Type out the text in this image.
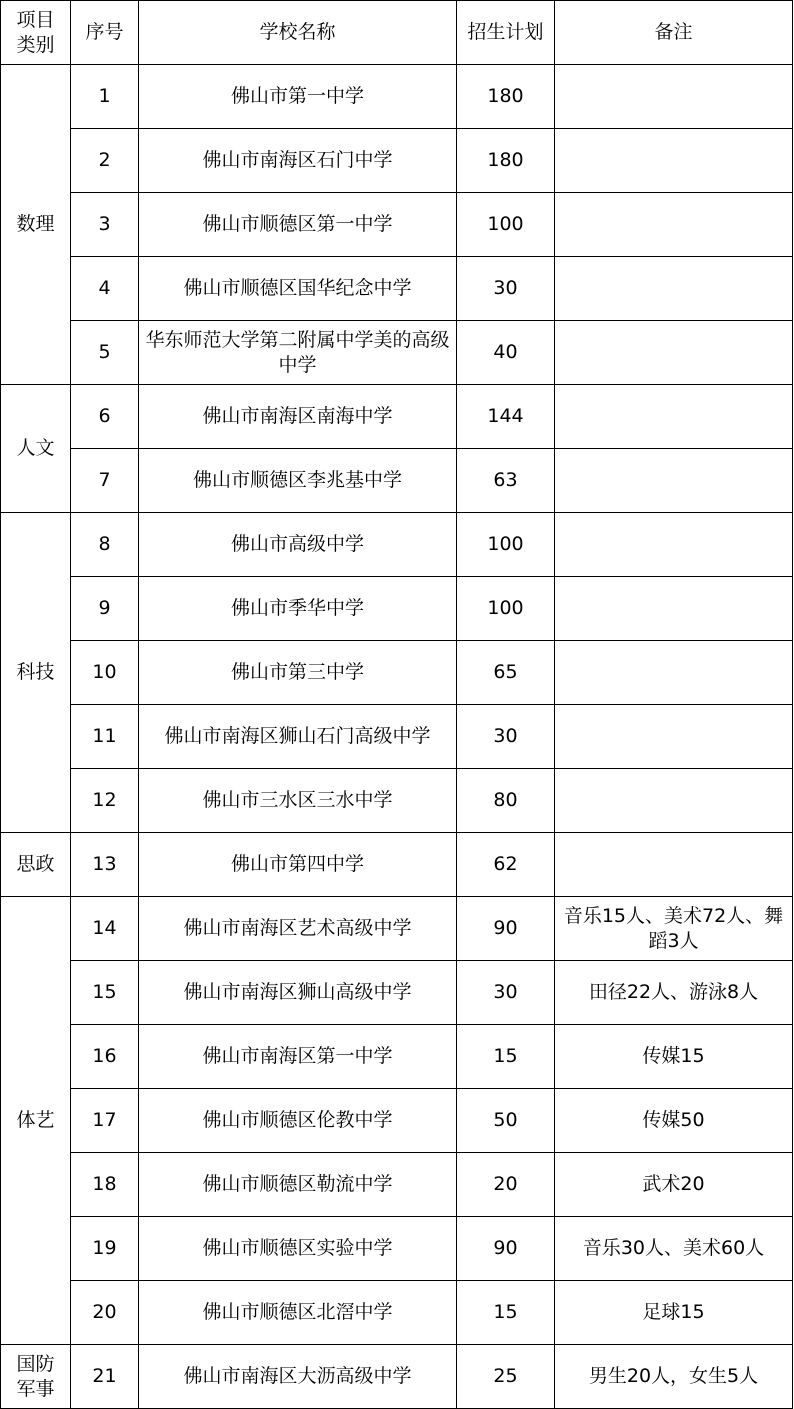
项目类别	序号	学校名称	招生计划	备注
数理	1	佛山市第一中学	180	
	2	佛山市南海区石门中学	180	
	3	佛山市顺德区第一中学	100	
	4	佛山市顺德区国华纪念中学	30	
	5	华东师范大学第二附属中学美的高级中学	40	
人文	6	佛山市南海区南海中学	144	
	7	佛山市顺德区李兆基中学	63	
科技	8	佛山市高级中学	100	
	9	佛山市季华中学	100	
	10	佛山市第三中学	65	
	11	佛山市南海区狮山石门高级中学	30	
	12	佛山市三水区三水中学	80	
思政	13	佛山市第四中学	62	
体艺	14	佛山市南海区艺术高级中学	90	音乐15人、美术72人、舞蹈3人
	15	佛山市南海区狮山高级中学	30	田径22人、游泳8人
	16	佛山市南海区第一中学	15	传媒15
	17	佛山市顺德区伦教中学	50	传媒50
	18	佛山市顺德区勒流中学	20	武术20
	19	佛山市顺德区实验中学	90	音乐30人、美术60人
	20	佛山市顺德区北滘中学	15	足球15
国防军事	21	佛山市南海区大沥高级中学	25	男生20人，女生5人
